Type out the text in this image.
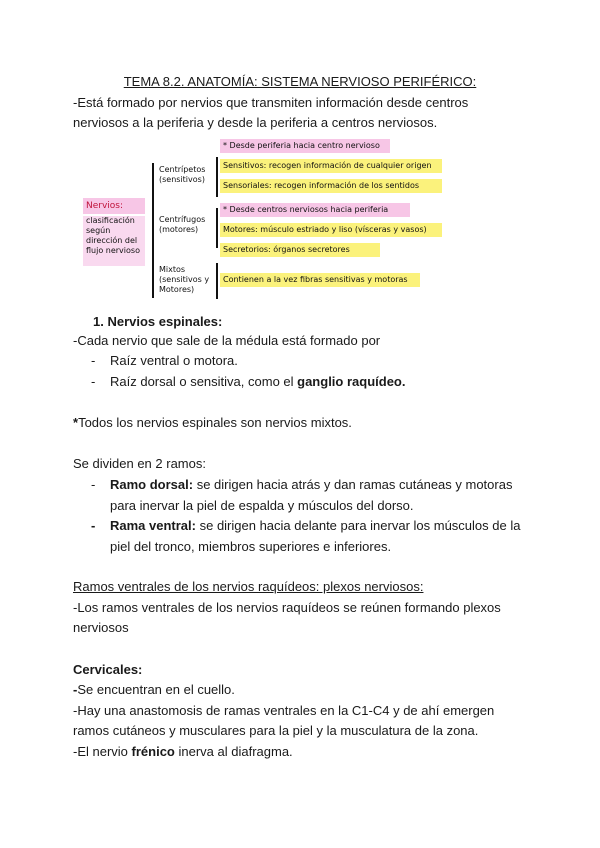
TEMA 8.2. ANATOMÍA: SISTEMA NERVIOSO PERIFÉRICO:
-Está formado por nervios que transmiten información desde centros
nerviosos a la periferia y desde la periferia a centros nerviosos.
Nervios:
clasificación
según
dirección del
flujo nervioso
Centrípetos
(sensitivos)
Centrífugos
(motores)
Mixtos
(sensitivos y
Motores)
* Desde periferia hacia centro nervioso
Sensitivos: recogen información de cualquier origen
Sensoriales: recogen información de los sentidos
* Desde centros nerviosos hacia periferia
Motores: músculo estriado y liso (vísceras y vasos)
Secretorios: órganos secretores
Contienen a la vez fibras sensitivas y motoras
1. Nervios espinales:
-Cada nervio que sale de la médula está formado por
- Raíz ventral o motora.
- Raíz dorsal o sensitiva, como el ganglio raquídeo.
*Todos los nervios espinales son nervios mixtos.
Se dividen en 2 ramos:
- Ramo dorsal: se dirigen hacia atrás y dan ramas cutáneas y motoras
para inervar la piel de espalda y músculos del dorso.
- Rama ventral: se dirigen hacia delante para inervar los músculos de la
piel del tronco, miembros superiores e inferiores.
Ramos ventrales de los nervios raquídeos: plexos nerviosos:
-Los ramos ventrales de los nervios raquídeos se reúnen formando plexos
nerviosos
Cervicales:
-Se encuentran en el cuello.
-Hay una anastomosis de ramas ventrales en la C1-C4 y de ahí emergen
ramos cutáneos y musculares para la piel y la musculatura de la zona.
-El nervio frénico inerva al diafragma.
